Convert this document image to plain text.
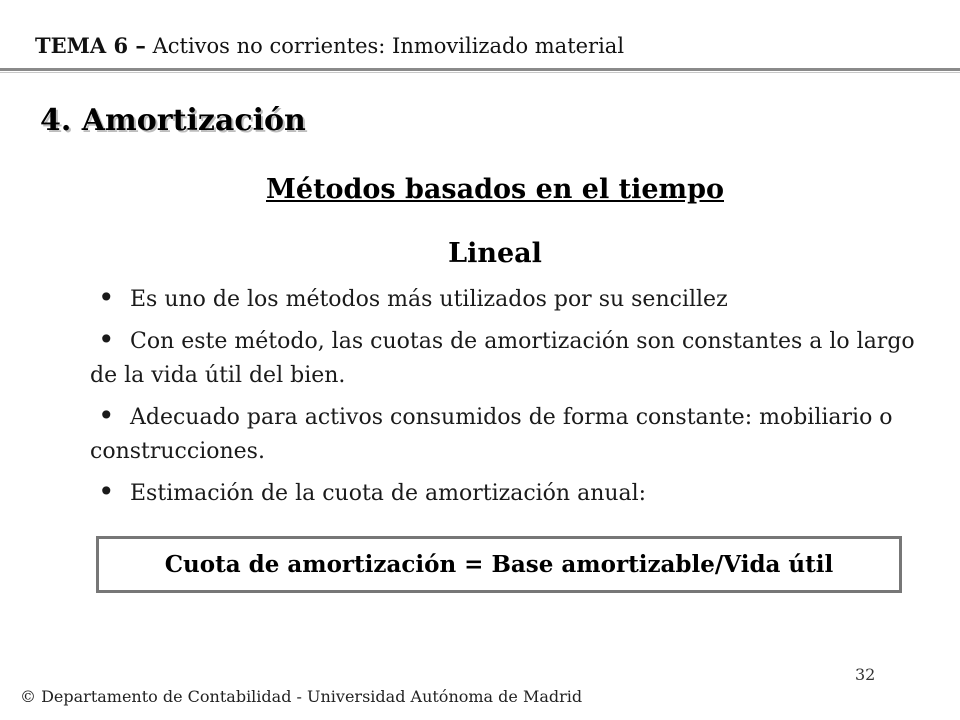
TEMA 6 – Activos no corrientes: Inmovilizado material
4. Amortización
Métodos basados en el tiempo
Lineal
• Es uno de los métodos más utilizados por su sencillez
• Con este método, las cuotas de amortización son constantes a lo largo de la vida útil del bien.
• Adecuado para activos consumidos de forma constante: mobiliario o construcciones.
• Estimación de la cuota de amortización anual:
Cuota de amortización = Base amortizable/Vida útil
32
© Departamento de Contabilidad - Universidad Autónoma de Madrid
